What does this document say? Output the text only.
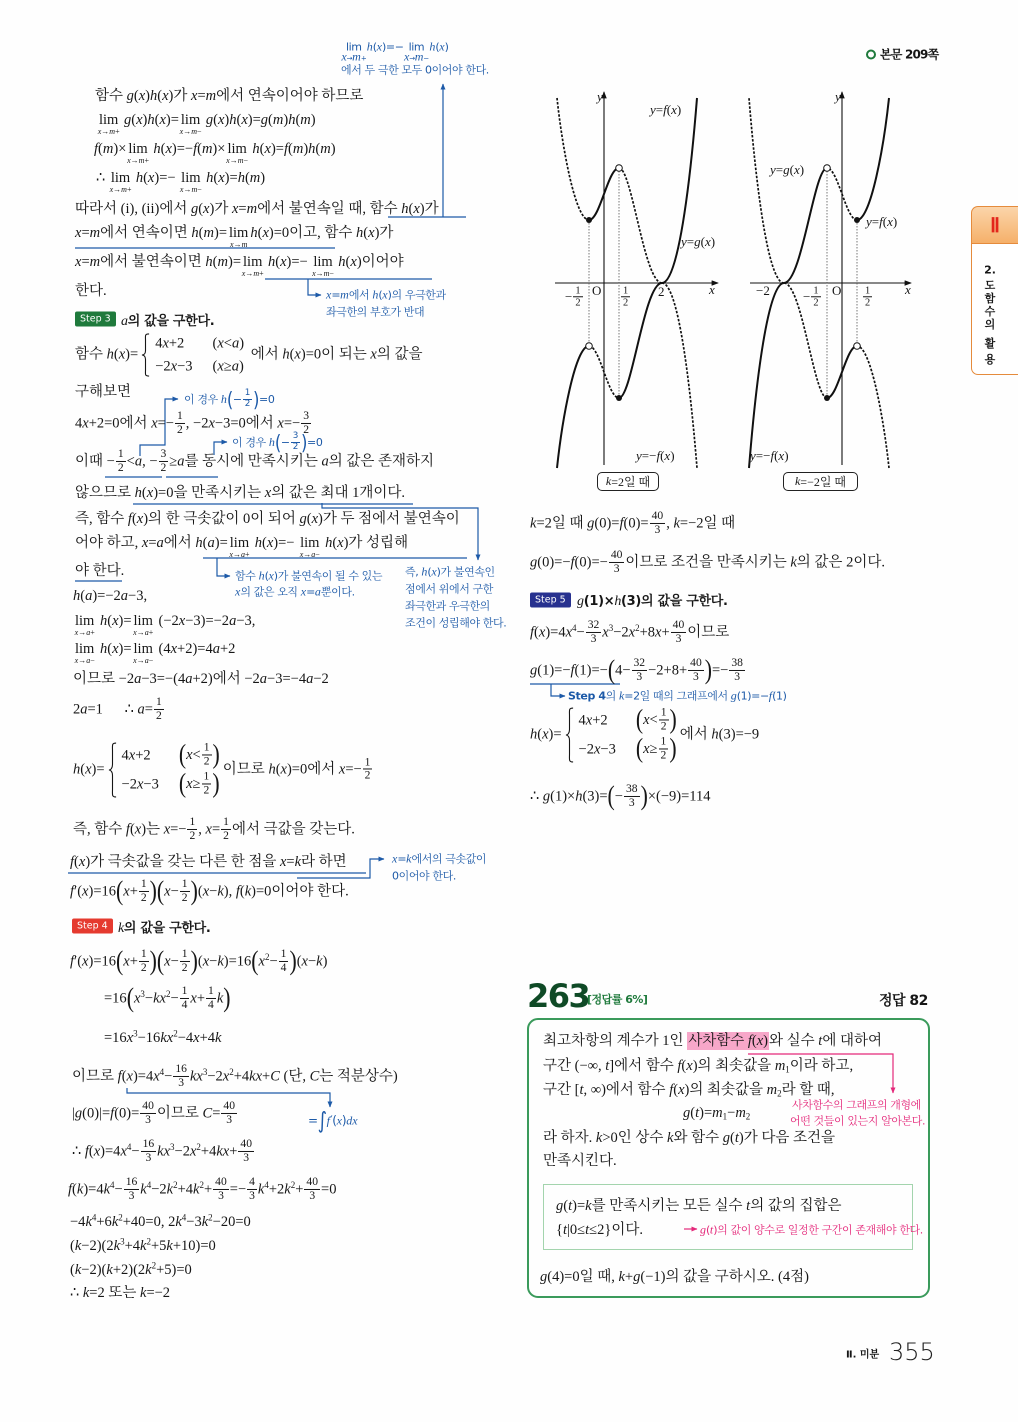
본문 209쪽
Ⅱ
2.
도
함
수
의
활
용
lim
x→m+
h(x)=− lim
x→m−
h(x)
에서 두 극한 모두 0이어야 한다.
함수 g(x)h(x)가 x=m에서 연속이어야 하므로
lim
x→m+
g(x)h(x)= lim
x→m−
g(x)h(x)=g(m)h(m)
f(m)× lim
x→m+
h(x)=−f(m)× lim
x→m−
h(x)=f(m)h(m)
∴ lim
x→m+
h(x)=− lim
x→m−
h(x)=h(m)
따라서 (i), (ii)에서 g(x)가 x=m에서 불연속일 때, 함수 h(x)가
x=m에서 연속이면 h(m)= lim
x→m
h(x)=0이고, 함수 h(x)가
x=m에서 불연속이면 h(m)= lim
x→m+
h(x)=− lim
x→m−
h(x)이어야
한다.	x=m에서 h(x)의 우극한과
좌극한의 부호가 반대
Step 3 a의 값을 구한다.
함수 h(x)=
4x+2	(x<a)
−2x−3 (x≥a)
에서 h(x)=0이 되는 x의 값을
구해보면	이 경우 $h(- \frac{1}{2} )=0$
4x+2=0에서 $x=- \frac{1}{2}$ , −2x−3=0에서 $x=- \frac{3}{2}$
이 경우 $h(- \frac{3}{2} )=0$
이때 − $\frac{1}{2} <a$, − $\frac{3}{2} \ge a$를 동시에 만족시키는 a의 값은 존재하지
않으므로 h(x)=0을 만족시키는 x의 값은 최대 1개이다.
즉, 함수 f(x)의 한 극솟값이 0이 되어 g(x)가 두 점에서 불연속이
어야 하고, x=a에서 h(a)= lim
x→a+
h(x)=− lim
x→a−
h(x)가 성립해
야 한다.	함수 h(x)가 불연속이 될 수 있는
x의 값은 오직 x=a뿐이다.
즉, h(x)가 불연속인
점에서 위에서 구한
좌극한과 우극한의
조건이 성립해야 한다.
h(a)=−2a−3,
lim
x→a+
h(x)= lim
x→a+
(−2x−3)=−2a−3,
lim
x→a−
h(x)= lim
x→a−
(4x+2)=4a+2
이므로 −2a−3=−(4a+2)에서 −2a−3=−4a−2
2a=1      ∴ $a= \frac{1}{2}$
h(x)=
4x+2	($x< \frac{1}{2}$ )
−2x−3 ($x\ge \frac{1}{2}$ ) 이므로 h(x)=0에서 $x=- \frac{1}{2}$
즉, 함수 f(x)는 $x=- \frac{1}{2}$ , $x= \frac{1}{2}$ 에서 극값을 갖는다.
f(x)가 극솟값을 갖는 다른 한 점을 x=k라 하면	x=k에서의 극솟값이
0이어야 한다.
$f'(x)=16(x+ \frac{1}{2} )(x- \frac{1}{2} )(x-k)$, f(k)=0이어야 한다.
Step 4 k의 값을 구한다.
$f'(x)=16(x+ \frac{1}{2} )(x- \frac{1}{2} )(x-k)=16(x^2- \frac{1}{4} )(x-k)$
$=16(x^3-kx^2- \frac{1}{4} x+ \frac{1}{4} k)$
$=16x^3-16kx^2-4x+4k$
이므로 $f(x)=4x^4- \frac{16}{3} kx^3-2x^2+4kx+C$ (단, C는 적분상수)
$|g(0)|=f(0)= \frac{40}{3}$ 이므로 $C= \frac{40}{3}$	=∫f′(x)dx
∴ $f(x)=4x^4- \frac{16}{3} kx^3-2x^2+4kx+ \frac{40}{3}$
$f(k)=4k^4- \frac{16}{3} k^4-2k^2+4k^2+ \frac{40}{3} =- \frac{4}{3} k^4+2k^2+ \frac{40}{3} =0$
$-4k^4+6k^2+40=0$, $2k^4-3k^2-20=0$
$(k-2)(2k^3+4k^2+5k+10)=0$
$(k-2)(k+2)(2k^2+5)=0$
∴ k=2 또는 k=−2
y
y=f(x)
y=g(x)
− $\frac{1}{2}$ O $\frac{1}{2} 2$	x
y=−f(x)
k =2일 때
y
y=g(x)
y=f(x)
−2	− $\frac{1}{2}$ O $\frac{1}{2}$	x
y=−f(x)
k =−2일 때
k=2일 때 $g(0)=f(0)= \frac{40}{3}$ , k=−2일 때
$g(0)=-f(0)=- \frac{40}{3}$ 이므로 조건을 만족시키는 k의 값은 2이다.
Step 5 g(1)×h(3)의 값을 구한다.
$f(x)=4x^4- \frac{32}{3} x^3-2x^2+8x+ \frac{40}{3}$ 이므로
$g(1)=-f(1)=-(4- \frac{32}{3} -2+8+ \frac{40}{3}$ )=− $\frac{38}{3}$
Step 4의 k=2일 때의 그래프에서 g(1)=−f(1)
h(x)=
4x+2	($x< \frac{1}{2}$ )
−2x−3 ($x\ge \frac{1}{2}$ ) 에서 h(3)=−9
∴ $g(1)\times h(3)=(- \frac{38}{3} )\times(-9)=114$
263
[정답률 6%]	정답 82
최고차항의 계수가 1인 사차함수 f(x)와 실수 t에 대하여
구간 (−∞, t]에서 함수 f(x)의 최솟값을 $m_1$이라 하고,
구간 [t, ∞)에서 함수 f(x)의 최솟값을 $m_2$라 할 때,
$g(t)=m_1-m_2$
사차함수의 그래프의 개형에
어떤 것들이 있는지 알아본다.
라 하자. k>0인 상수 k와 함수 g(t)가 다음 조건을
만족시킨다.
g(t)=k를 만족시키는 모든 실수 t의 값의 집합은
{t|0≤t≤2}이다.	g(t)의 값이 양수로 일정한 구간이 존재해야 한다.
g(4)=0일 때, k+g(−1)의 값을 구하시오. (4점)
Ⅱ. 미분 355
